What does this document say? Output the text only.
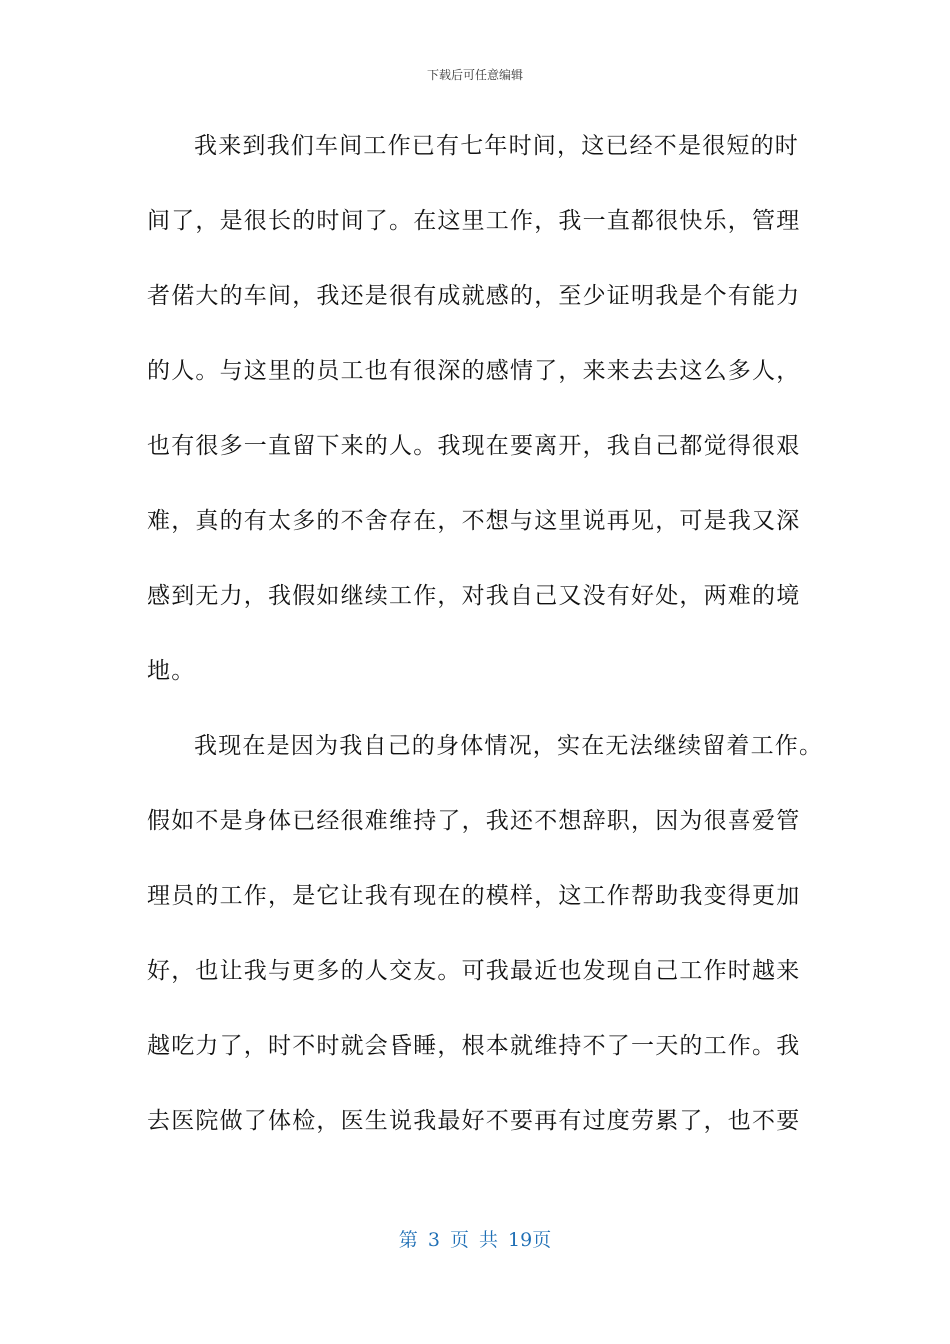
下载后可任意编辑
我来到我们车间工作已有七年时间，这已经不是很短的时
间了，是很长的时间了。在这里工作，我一直都很快乐，管理
者偌大的车间，我还是很有成就感的，至少证明我是个有能力
的人。与这里的员工也有很深的感情了，来来去去这么多人，
也有很多一直留下来的人。我现在要离开，我自己都觉得很艰
难，真的有太多的不舍存在，不想与这里说再见，可是我又深
感到无力，我假如继续工作，对我自己又没有好处，两难的境
地。
我现在是因为我自己的身体情况，实在无法继续留着工作。
假如不是身体已经很难维持了，我还不想辞职，因为很喜爱管
理员的工作，是它让我有现在的模样，这工作帮助我变得更加
好，也让我与更多的人交友。可我最近也发现自己工作时越来
越吃力了，时不时就会昏睡，根本就维持不了一天的工作。我
去医院做了体检，医生说我最好不要再有过度劳累了，也不要
第 3 页 共 19页
